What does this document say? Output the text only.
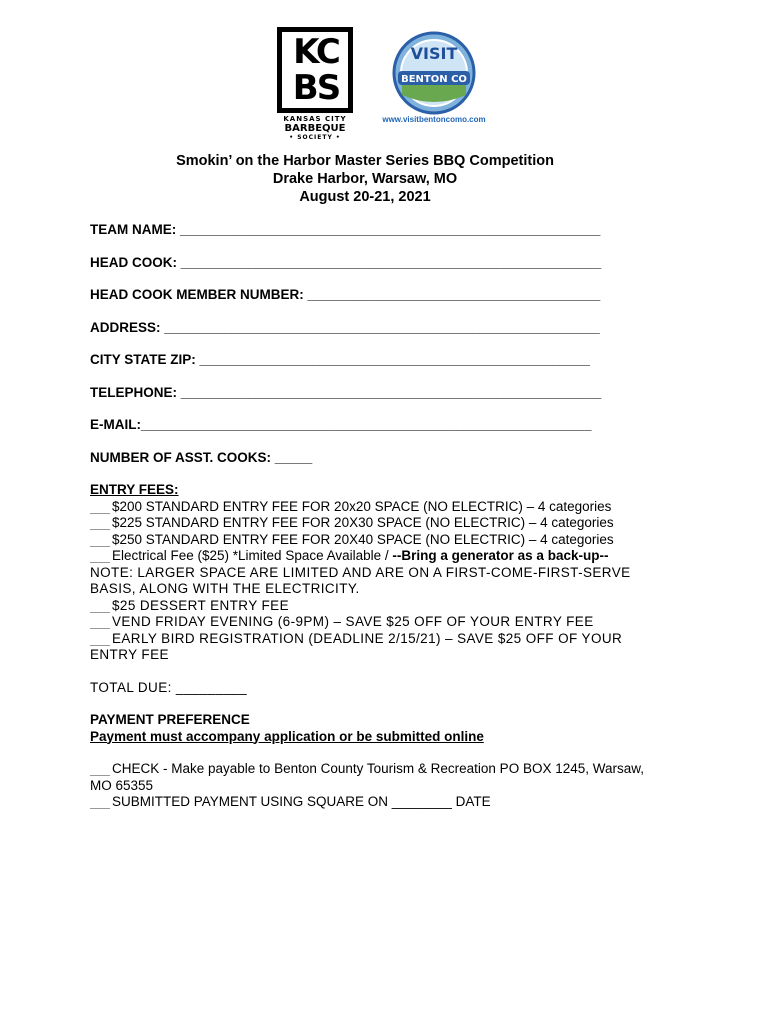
KC
BS
KANSAS CITY
BARBEQUE
• SOCIETY •
VISIT
BENTON CO
www.visitbentoncomo.com
Smokin’ on the Harbor Master Series BBQ Competition
Drake Harbor, Warsaw, MO
August 20-21, 2021
TEAM NAME: ________________________________________________________
HEAD COOK: ________________________________________________________
HEAD COOK MEMBER NUMBER: _______________________________________
ADDRESS: __________________________________________________________
CITY STATE ZIP: ____________________________________________________
TELEPHONE: ________________________________________________________
E-MAIL:____________________________________________________________
NUMBER OF ASST. COOKS: _____
ENTRY FEES:
$200 STANDARD ENTRY FEE FOR 20x20 SPACE (NO ELECTRIC) – 4 categories
$225 STANDARD ENTRY FEE FOR 20X30 SPACE (NO ELECTRIC) – 4 categories
$250 STANDARD ENTRY FEE FOR 20X40 SPACE (NO ELECTRIC) – 4 categories
Electrical Fee ($25) *Limited Space Available / --Bring a generator as a back-up--
NOTE: LARGER SPACE ARE LIMITED AND ARE ON A FIRST-COME-FIRST-SERVE
BASIS, ALONG WITH THE ELECTRICITY.
$25 DESSERT ENTRY FEE
VEND FRIDAY EVENING (6-9PM) – SAVE $25 OFF OF YOUR ENTRY FEE
EARLY BIRD REGISTRATION (DEADLINE 2/15/21) – SAVE $25 OFF OF YOUR
ENTRY FEE
TOTAL DUE: _________
PAYMENT PREFERENCE
Payment must accompany application or be submitted online
CHECK - Make payable to Benton County Tourism & Recreation PO BOX 1245, Warsaw,
MO 65355
SUBMITTED PAYMENT USING SQUARE ON ________ DATE
